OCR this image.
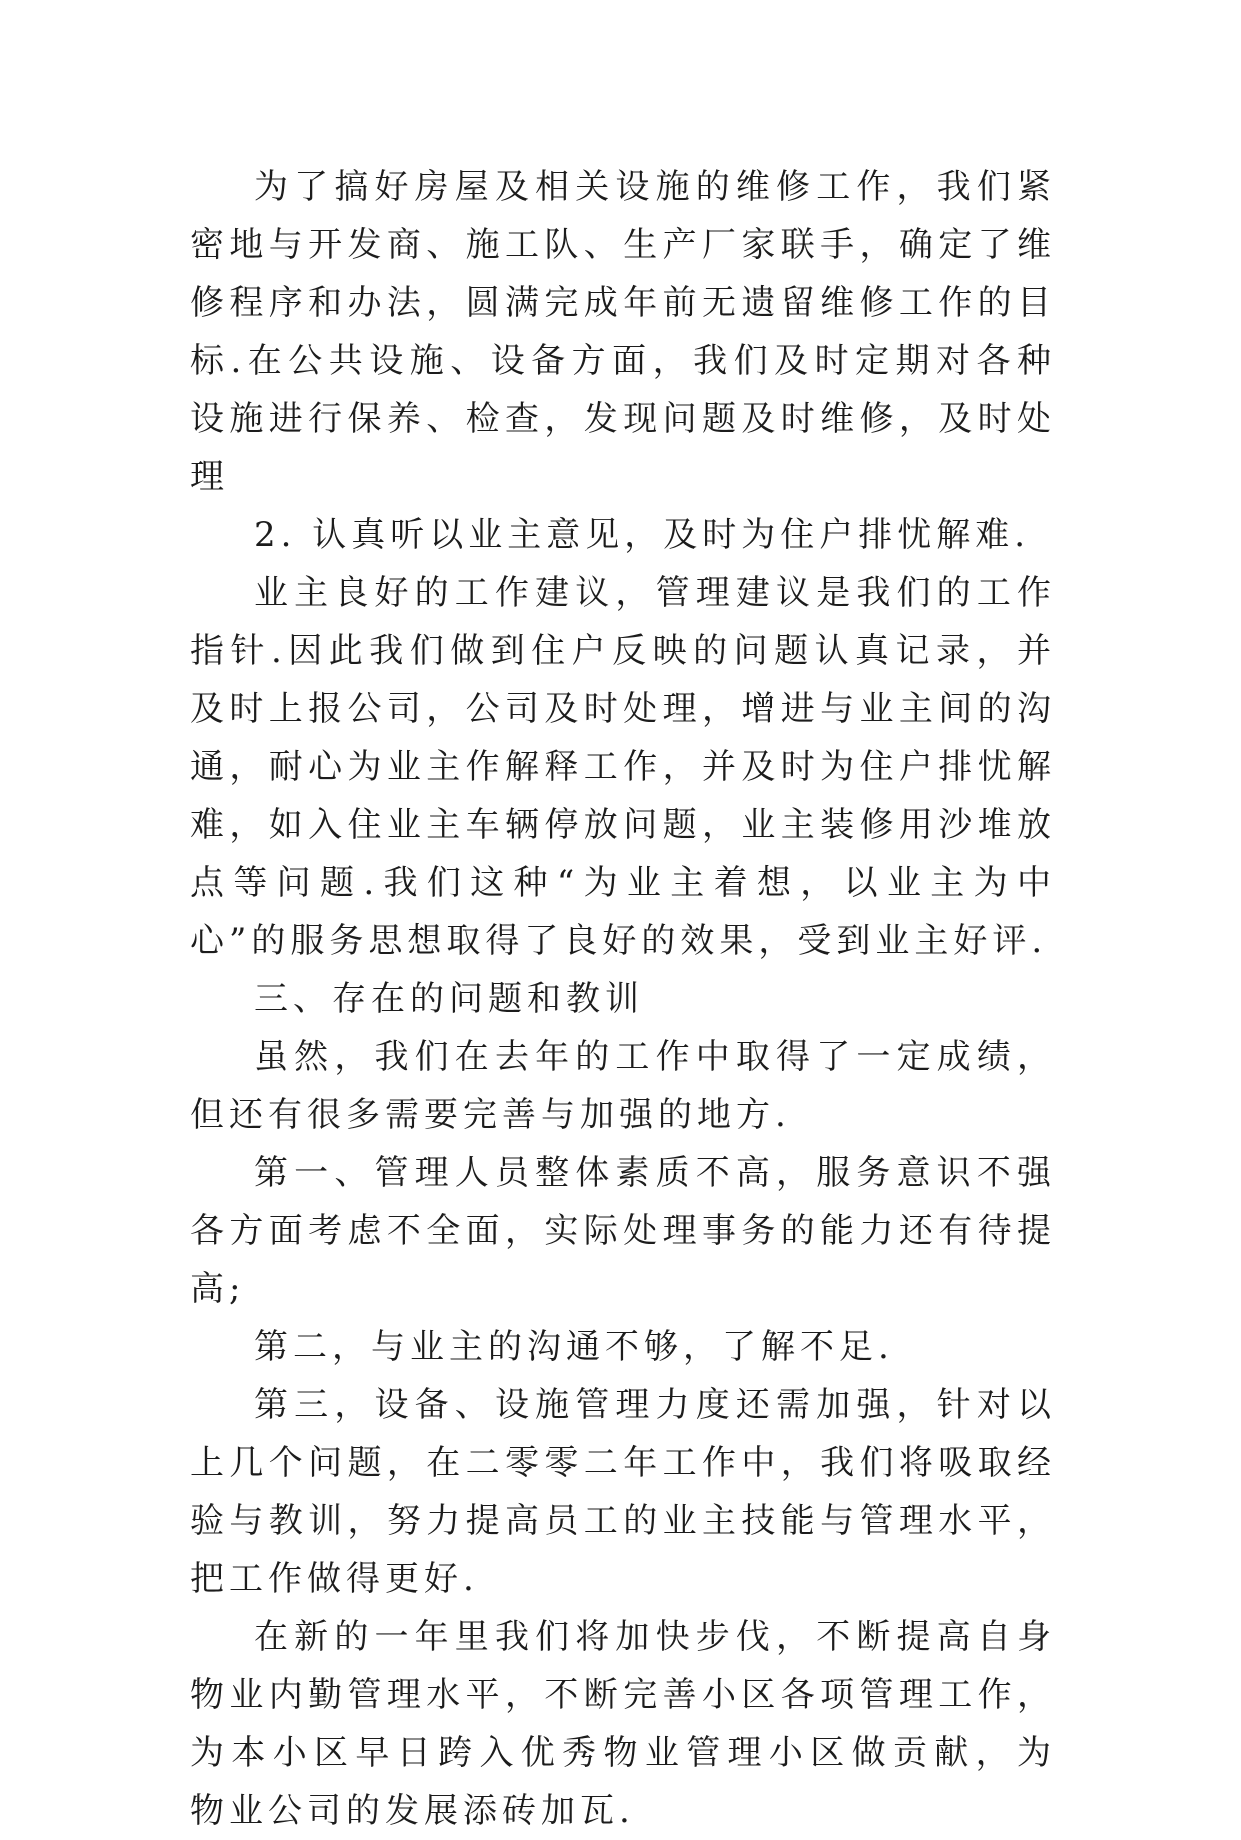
为了搞好房屋及相关设施的维修工作，我们紧密地与开发商、施工队、生产厂家联手，确定了维修程序和办法，圆满完成年前无遗留维修工作的目标.在公共设施、设备方面，我们及时定期对各种设施进行保养、检查，发现问题及时维修，及时处理

2. 认真听以业主意见，及时为住户排忧解难.

业主良好的工作建议，管理建议是我们的工作指针.因此我们做到住户反映的问题认真记录，并及时上报公司，公司及时处理，增进与业主间的沟通，耐心为业主作解释工作，并及时为住户排忧解难，如入住业主车辆停放问题，业主装修用沙堆放点等问题.我们这种“为业主着想，以业主为中心”的服务思想取得了良好的效果，受到业主好评.

三、存在的问题和教训

虽然，我们在去年的工作中取得了一定成绩，但还有很多需要完善与加强的地方.

第一、管理人员整体素质不高，服务意识不强各方面考虑不全面，实际处理事务的能力还有待提高;

第二，与业主的沟通不够，了解不足.

第三，设备、设施管理力度还需加强，针对以上几个问题，在二零零二年工作中，我们将吸取经验与教训，努力提高员工的业主技能与管理水平，把工作做得更好.

在新的一年里我们将加快步伐，不断提高自身物业内勤管理水平，不断完善小区各项管理工作，为本小区早日跨入优秀物业管理小区做贡献，为 物业公司的发展添砖加瓦.
